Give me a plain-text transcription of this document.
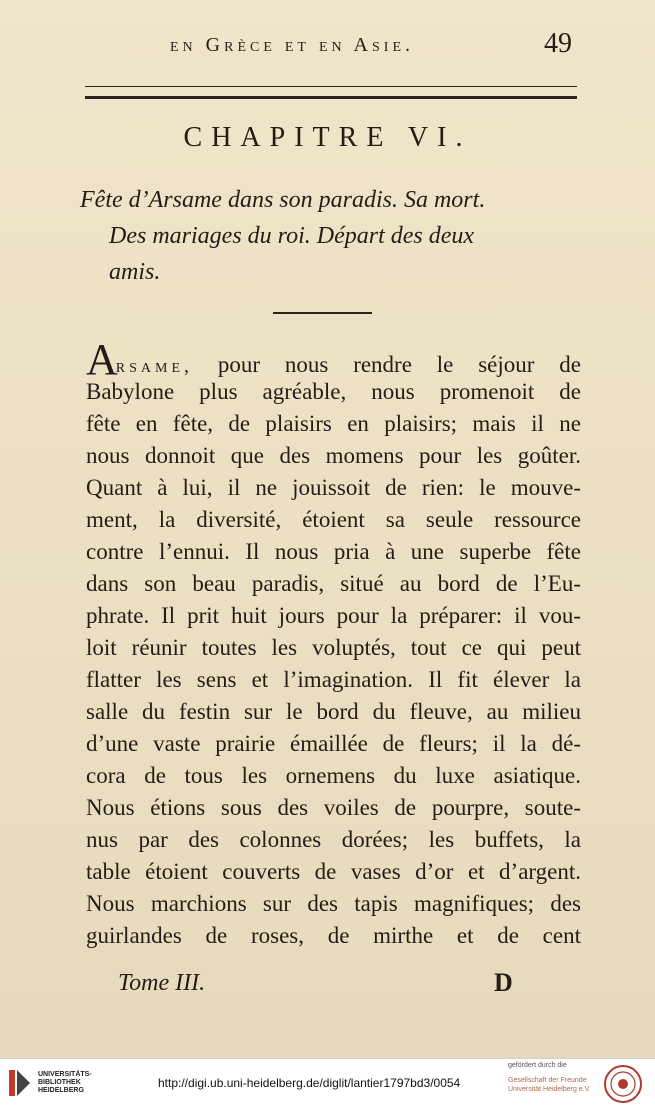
en Grèce et en Asie.	49
CHAPITRE VI.
Fête d’Arsame dans son paradis. Sa mort.
Des mariages du roi. Départ des deux
amis.
Arsame, pour nous rendre le séjour de
Babylone plus agréable, nous promenoit de
fête en fête, de plaisirs en plaisirs; mais il ne
nous donnoit que des momens pour les goûter.
Quant à lui, il ne jouissoit de rien: le mouve-
ment, la diversité, étoient sa seule ressource
contre l’ennui. Il nous pria à une superbe fête
dans son beau paradis, situé au bord de l’Eu-
phrate. Il prit huit jours pour la préparer: il vou-
loit réunir toutes les voluptés, tout ce qui peut
flatter les sens et l’imagination. Il fit élever la
salle du festin sur le bord du fleuve, au milieu
d’une vaste prairie émaillée de fleurs; il la dé-
cora de tous les ornemens du luxe asiatique.
Nous étions sous des voiles de pourpre, soute-
nus par des colonnes dorées; les buffets, la
table étoient couverts de vases d’or et d’argent.
Nous marchions sur des tapis magnifiques; des
guirlandes de roses, de mirthe et de cent
Tome III.	D
UNIVERSITÄTS-
BIBLIOTHEK
HEIDELBERG
http://digi.ub.uni-heidelberg.de/diglit/lantier1797bd3/0054
gefördert durch die
Gesellschaft der Freunde
Universität Heidelberg e.V.
